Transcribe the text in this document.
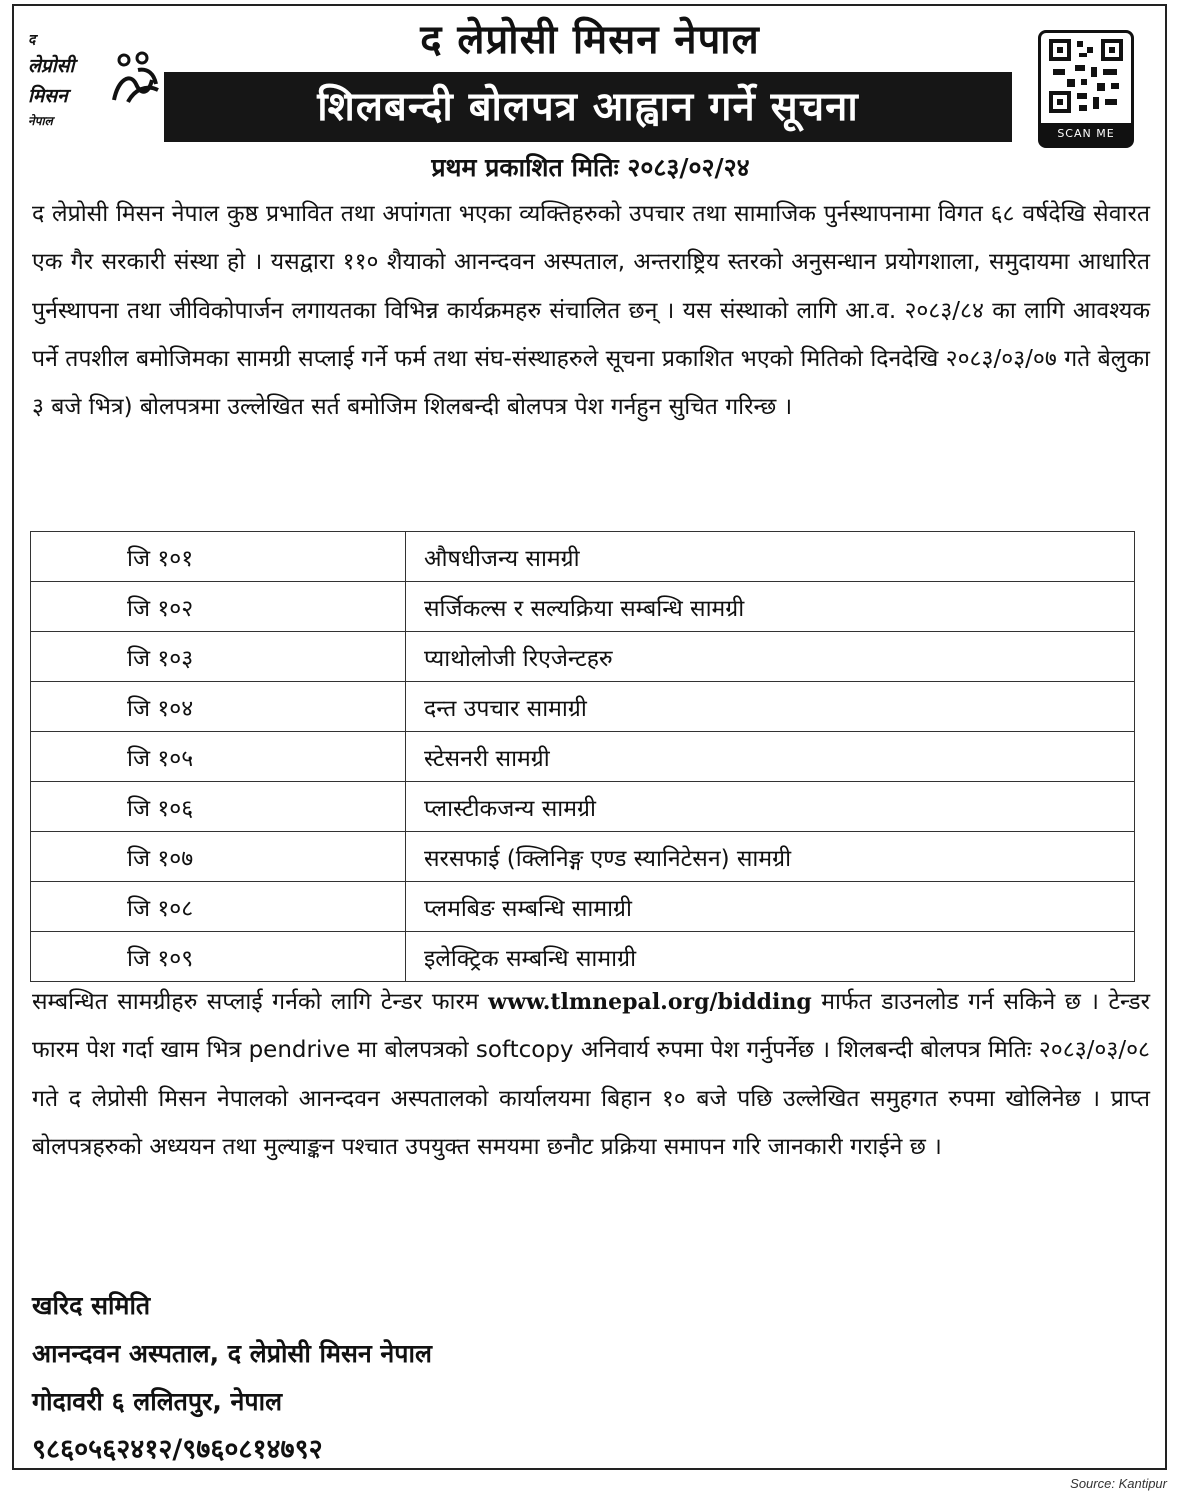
द
लेप्रोसी
मिसन
नेपाल
द लेप्रोसी मिसन नेपाल
शिलबन्दी बोलपत्र आह्वान गर्ने सूचना
SCAN ME
प्रथम प्रकाशित मितिः २०८३/०२/२४

द लेप्रोसी मिसन नेपाल कुष्ठ प्रभावित तथा अपांगता भएका व्यक्तिहरुको उपचार तथा सामाजिक पुर्नस्थापनामा विगत ६८ वर्षदेखि सेवारत एक गैर सरकारी संस्था हो । यसद्वारा ११० शैयाको आनन्दवन अस्पताल, अन्तराष्ट्रिय स्तरको अनुसन्धान प्रयोगशाला, समुदायमा आधारित पुर्नस्थापना तथा जीविकोपार्जन लगायतका विभिन्न कार्यक्रमहरु संचालित छन् । यस संस्थाको लागि आ.व. २०८३/८४ का लागि आवश्यक पर्ने तपशील बमोजिमका सामग्री सप्लाई गर्ने फर्म तथा संघ-संस्थाहरुले सूचना प्रकाशित भएको मितिको दिनदेखि २०८३/०३/०७ गते बेलुका ३ बजे भित्र) बोलपत्रमा उल्लेखित सर्त बमोजिम शिलबन्दी बोलपत्र पेश गर्नहुन सुचित गरिन्छ ।

जि १०१	औषधीजन्य सामग्री
जि १०२	सर्जिकल्स र सल्यक्रिया सम्बन्धि सामग्री
जि १०३	प्याथोलोजी रिएजेन्टहरु
जि १०४	दन्त उपचार सामाग्री
जि १०५	स्टेसनरी सामग्री
जि १०६	प्लास्टीकजन्य सामग्री
जि १०७	सरसफाई (क्लिनिङ्ग एण्ड स्यानिटेसन) सामग्री
जि १०८	प्लमबिङ सम्बन्धि सामाग्री
जि १०९	इलेक्ट्रिक सम्बन्धि सामाग्री

सम्बन्धित सामग्रीहरु सप्लाई गर्नको लागि टेन्डर फारम www.tlmnepal.org/bidding मार्फत डाउनलोड गर्न सकिने छ । टेन्डर फारम पेश गर्दा खाम भित्र pendrive मा बोलपत्रको softcopy अनिवार्य रुपमा पेश गर्नुपर्नेछ । शिलबन्दी बोलपत्र मितिः २०८३/०३/०८ गते द लेप्रोसी मिसन नेपालको आनन्दवन अस्पतालको कार्यालयमा बिहान १० बजे पछि उल्लेखित समुहगत रुपमा खोलिनेछ । प्राप्त बोलपत्रहरुको अध्ययन तथा मुल्याङ्कन पश्चात उपयुक्त समयमा छनौट प्रक्रिया समापन गरि जानकारी गराईने छ ।

खरिद समिति
आनन्दवन अस्पताल, द लेप्रोसी मिसन नेपाल
गोदावरी ६ ललितपुर, नेपाल
९८६०५६२४१२/९७६०८१४७९२
Source: Kantipur
